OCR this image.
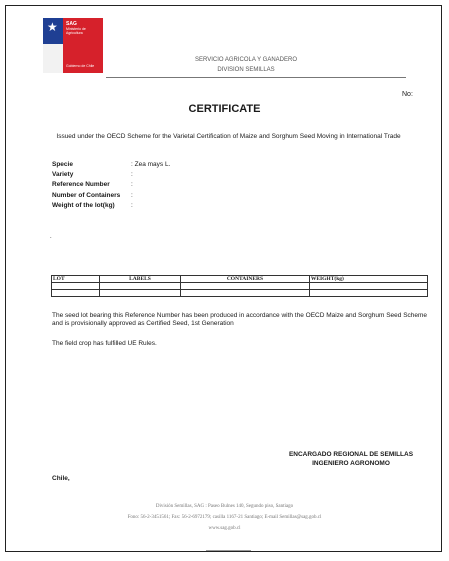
★ SAG
Ministerio de Agricultura
Gobierno de Chile
SERVICIO AGRICOLA Y GANADERO
DIVISION SEMILLAS
No:
CERTIFICATE
Issued under the OECD Scheme for the Varietal Certification of Maize and Sorghum Seed Moving in International Trade
Specie	: Zea mays L.
Variety	:
Reference Number	:
Number of Containers :
Weight of the lot(kg)	:
.
LOT	LABELS	CONTAINERS	WEIGHT(kg)

The seed lot bearing this Reference Number has been produced in accordance with the OECD Maize and Sorghum Seed Scheme and is provisionally approved as Certified Seed, 1st Generation
The field crop has fulfilled UE Rules.
ENCARGADO REGIONAL DE SEMILLAS
INGENIERO AGRONOMO
Chile,
División Semillas, SAG : Paseo Bulnes 140, Segundo piso, Santiago
Fono: 56-2-3451561; Fax: 56-2-6972179; casilla 1167-21 Santiago; E-mail Semillas@sag.gob.cl
www.sag.gob.cl
